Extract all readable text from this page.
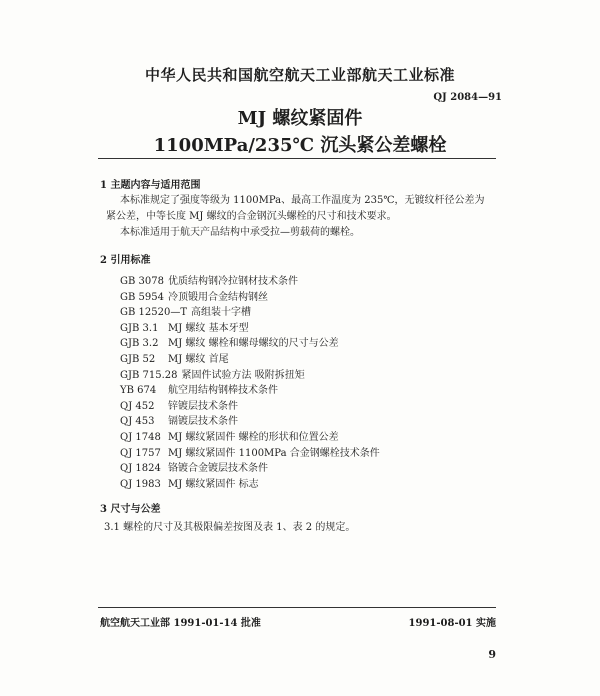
中华人民共和国航空航天工业部航天工业标准
QJ 2084—91
MJ 螺纹紧固件
1100MPa/235℃ 沉头紧公差螺栓
1 主题内容与适用范围

本标准规定了强度等级为 1100MPa、最高工作温度为 235℃，无镀纹杆径公差为

紧公差，中等长度 MJ 螺纹的合金钢沉头螺栓的尺寸和技术要求。

本标准适用于航天产品结构中承受拉—剪载荷的螺栓。

2 引用标准
GB 3078 优质结构钢冷拉钢材技术条件
GB 5954 冷顶锻用合金结构钢丝
GB 12520—T 高组装十字槽
GJB 3.1 MJ 螺纹 基本牙型
GJB 3.2 MJ 螺纹 螺栓和螺母螺纹的尺寸与公差
GJB 52 MJ 螺纹 首尾
GJB 715.28 紧固件试验方法 吸附拆扭矩
YB 674 航空用结构钢棒技术条件
QJ 452 锌镀层技术条件
QJ 453 镉镀层技术条件
QJ 1748 MJ 螺纹紧固件 螺栓的形状和位置公差
QJ 1757 MJ 螺纹紧固件 1100MPa 合金钢螺栓技术条件
QJ 1824 铬镀合金镀层技术条件
QJ 1983 MJ 螺纹紧固件 标志
3 尺寸与公差
3.1 螺栓的尺寸及其极限偏差按图及表 1、表 2 的规定。
航空航天工业部 1991-01-14 批准	1991-08-01 实施
9
